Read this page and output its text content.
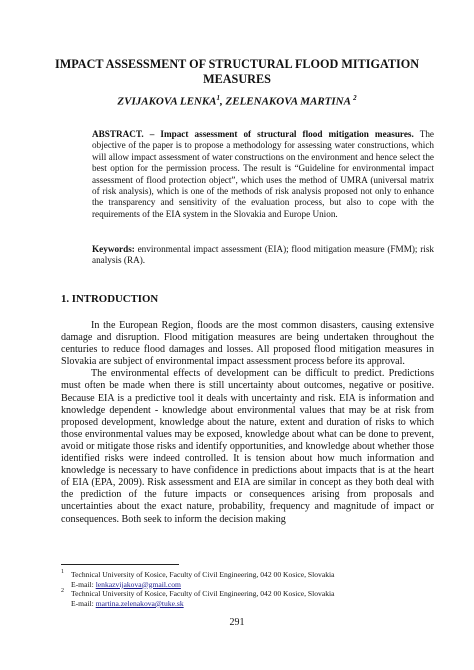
IMPACT ASSESSMENT OF STRUCTURAL FLOOD MITIGATION MEASURES
ZVIJAKOVA LENKA$^1$, ZELENAKOVA MARTINA $^2$
ABSTRACT. – Impact assessment of structural flood mitigation measures. The objective of the paper is to propose a methodology for assessing water constructions, which will allow impact assessment of water constructions on the environment and hence select the best option for the permission process. The result is “Guideline for environmental impact assessment of flood protection object”, which uses the method of UMRA (universal matrix of risk analysis), which is one of the methods of risk analysis proposed not only to enhance the transparency and sensitivity of the evaluation process, but also to cope with the requirements of the EIA system in the Slovakia and Europe Union.
Keywords: environmental impact assessment (EIA); flood mitigation measure (FMM); risk analysis (RA).
1. INTRODUCTION

In the European Region, floods are the most common disasters, causing extensive damage and disruption. Flood mitigation measures are being undertaken throughout the centuries to reduce flood damages and losses. All proposed flood mitigation measures in Slovakia are subject of environmental impact assessment process before its approval.

The environmental effects of development can be difficult to predict. Predictions must often be made when there is still uncertainty about outcomes, negative or positive. Because EIA is a predictive tool it deals with uncertainty and risk. EIA is information and knowledge dependent - knowledge about environmental values that may be at risk from proposed development, knowledge about the nature, extent and duration of risks to which those environmental values may be exposed, knowledge about what can be done to prevent, avoid or mitigate those risks and identify opportunities, and knowledge about whether those identified risks were indeed controlled. It is tension about how much information and knowledge is necessary to have confidence in predictions about impacts that is at the heart of EIA (EPA, 2009). Risk assessment and EIA are similar in concept as they both deal with the prediction of the future impacts or consequences arising from proposals and uncertainties about the exact nature, probability, frequency and magnitude of impact or consequences. Both seek to inform the decision making

1 Technical University of Kosice, Faculty of Civil Engineering, 042 00 Kosice, Slovakia
E-mail: lenkazvijakova@gmail.com
2 Technical University of Kosice, Faculty of Civil Engineering, 042 00 Kosice, Slovakia
E-mail: martina.zelenakova@tuke.sk
291
